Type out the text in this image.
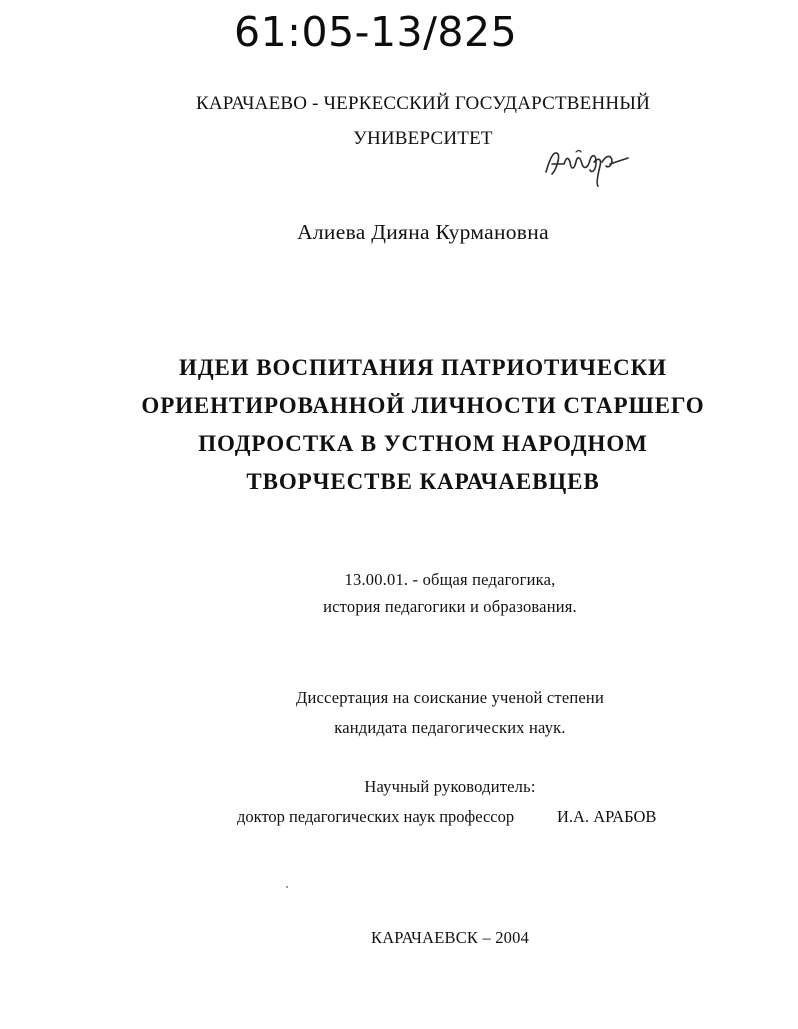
61:05-13/825
КАРАЧАЕВО - ЧЕРКЕССКИЙ ГОСУДАРСТВЕННЫЙ
УНИВЕРСИТЕТ
Алиева Дияна Курмановна
ИДЕИ ВОСПИТАНИЯ ПАТРИОТИЧЕСКИ
ОРИЕНТИРОВАННОЙ ЛИЧНОСТИ СТАРШЕГО
ПОДРОСТКА В УСТНОМ НАРОДНОМ
ТВОРЧЕСТВЕ КАРАЧАЕВЦЕВ
13.00.01. - общая педагогика,
история педагогики и образования.
Диссертация на соискание ученой степени
кандидата педагогических наук.
Научный руководитель:
доктор педагогических наук профессор	И.А. АРАБОВ
КАРАЧАЕВСК – 2004
